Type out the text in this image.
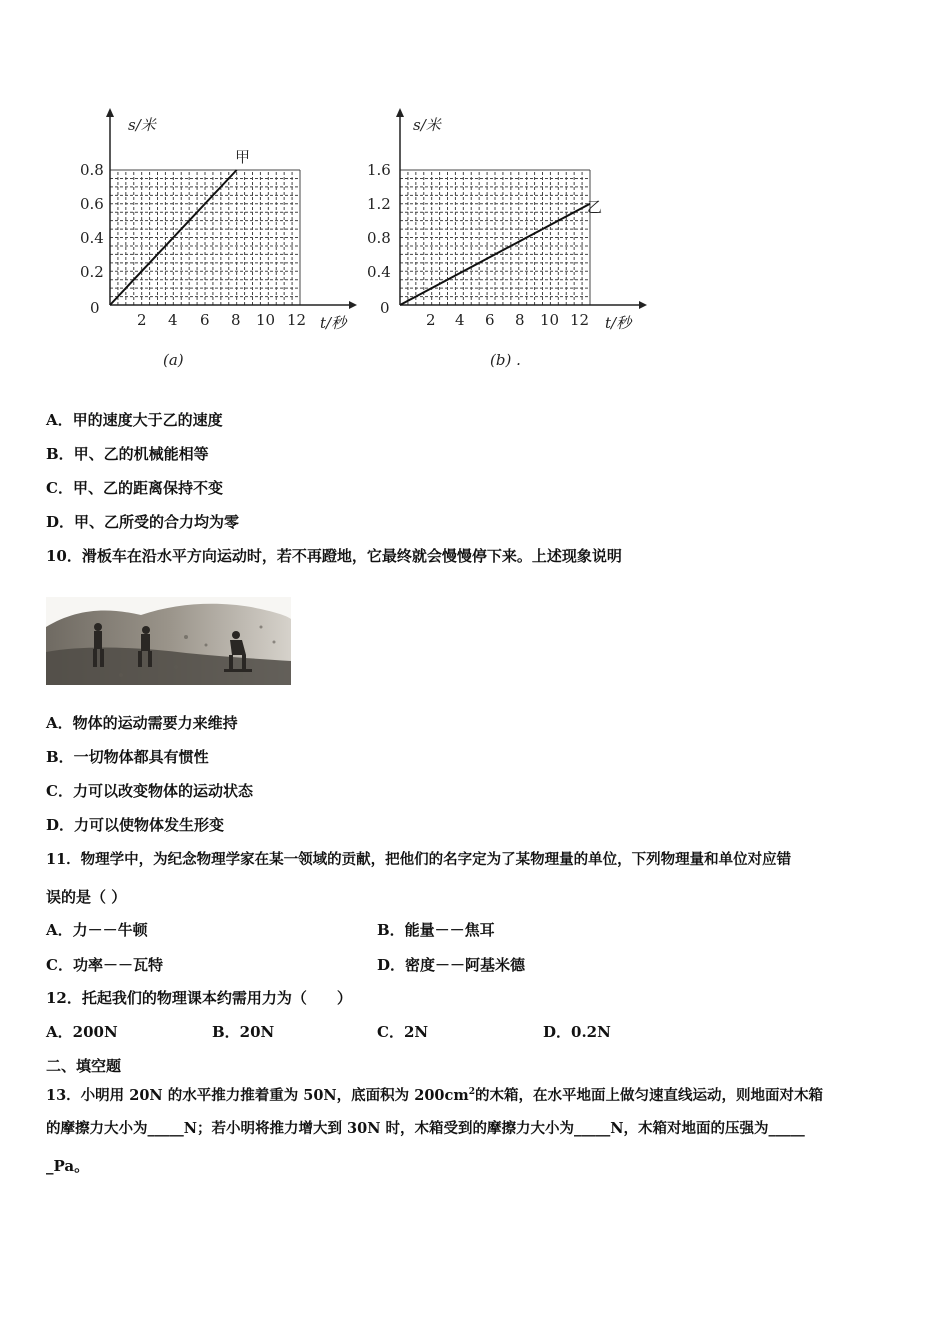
s/米
t/秒
0
0.8
0.6
0.4
0.2
2 4 6 8 10 12
甲
(a)
s/米
t/秒
0
1.6
1.2
0.8
0.4
2 4 6 8 10 12
乙
(b) .
A．甲的速度大于乙的速度
B．甲、乙的机械能相等
C．甲、乙的距离保持不变
D．甲、乙所受的合力均为零
10．滑板车在沿水平方向运动时，若不再蹬地，它最终就会慢慢停下来。上述现象说明
A．物体的运动需要力来维持
B．一切物体都具有惯性
C．力可以改变物体的运动状态
D．力可以使物体发生形变
11．物理学中，为纪念物理学家在某一领域的贡献，把他们的名字定为了某物理量的单位，下列物理量和单位对应错
误的是（ ）
A．力－－牛顿	B．能量－－焦耳
C．功率－－瓦特	D．密度－－阿基米德
12．托起我们的物理课本约需用力为（　　）
A．200N	B．20N	C．2N	D．0.2N
二、填空题
13．小明用 20N 的水平推力推着重为 50N，底面积为 $200cm^2$的木箱，在水平地面上做匀速直线运动，则地面对木箱
的摩擦力大小为_____N；若小明将推力增大到 30N 时，木箱受到的摩擦力大小为_____N，木箱对地面的压强为_____
_Pa。
